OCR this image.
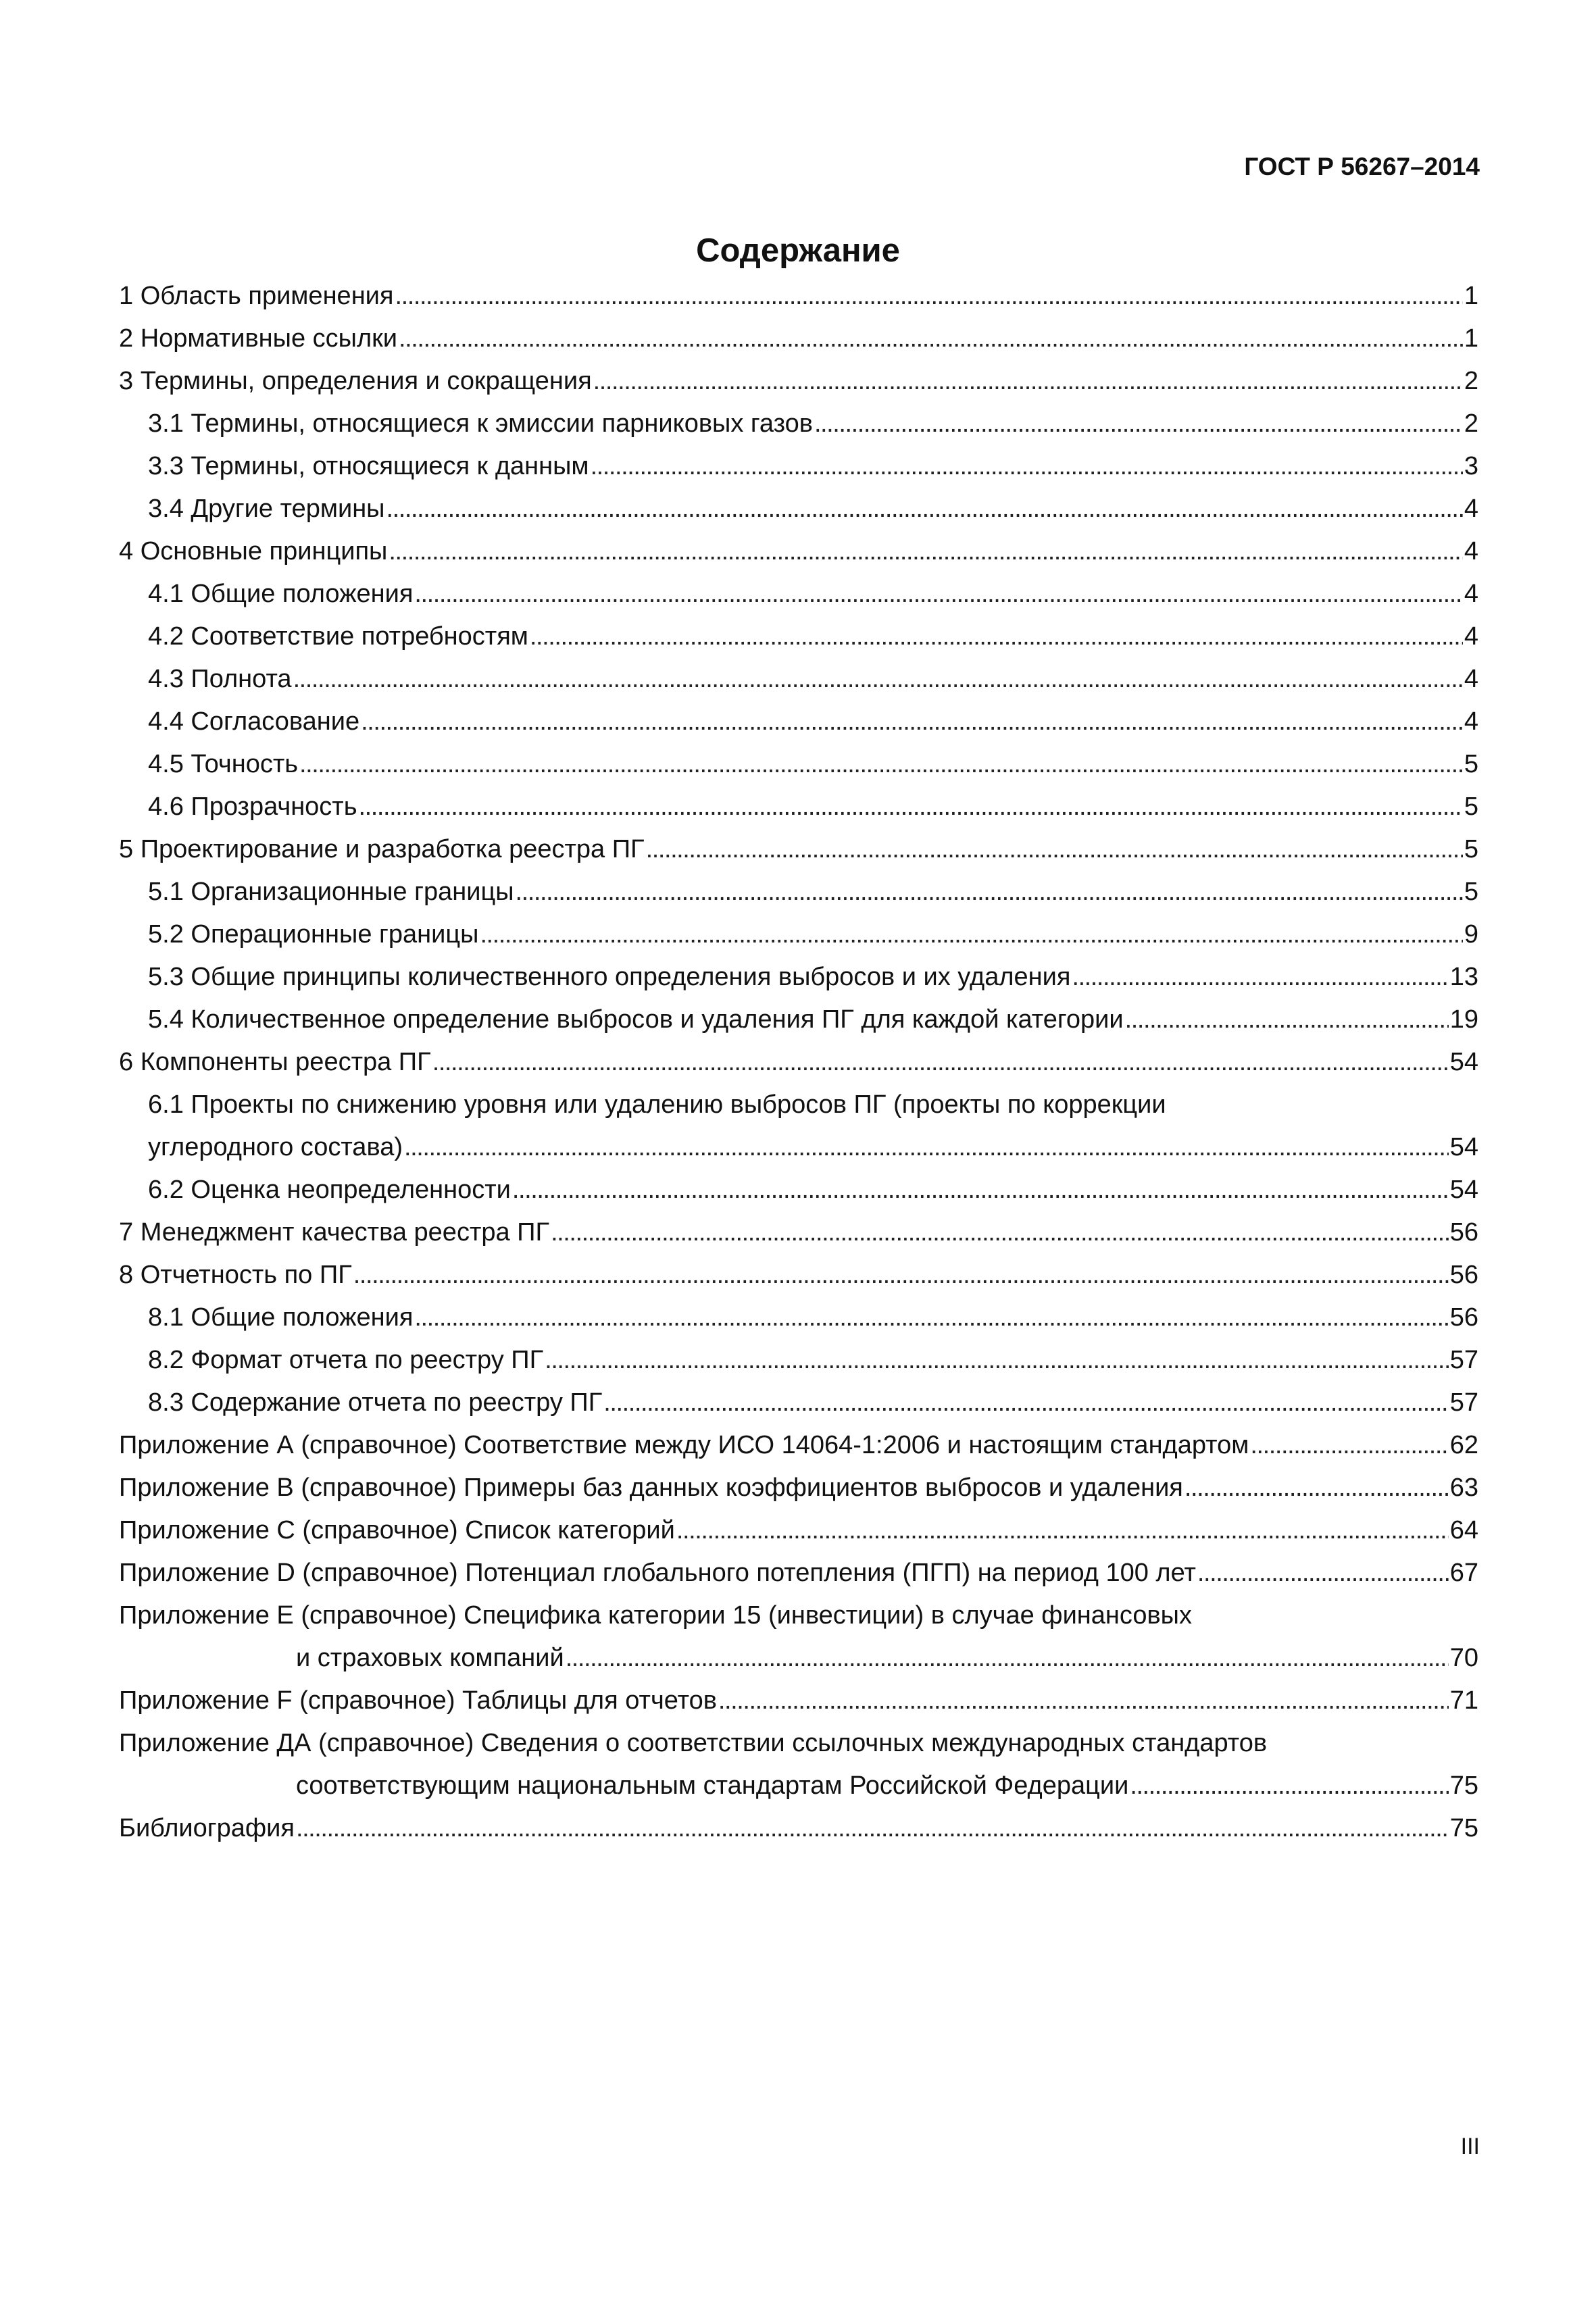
ГОСТ Р 56267–2014
Содержание
1 Область применения . . .	1
2 Нормативные ссылки . . .	1
3 Термины, определения и сокращения . . .	2
3.1 Термины, относящиеся к эмиссии парниковых газов . . .	2
3.3 Термины, относящиеся к данным . . .	3
3.4 Другие термины . . .	4
4 Основные принципы . . .	4
4.1 Общие положения . . .	4
4.2 Соответствие потребностям . . .	4
4.3 Полнота . . .	4
4.4 Согласование . . .	4
4.5 Точность . . .	5
4.6 Прозрачность . . .	5
5 Проектирование и разработка реестра ПГ . . .	5
5.1 Организационные границы . . .	5
5.2 Операционные границы . . .	9
5.3 Общие принципы количественного определения выбросов и их удаления . . .	13
5.4 Количественное определение выбросов и удаления ПГ для каждой категории . . .	19
6 Компоненты реестра ПГ . . .	54
6.1 Проекты по снижению уровня или удалению выбросов ПГ (проекты по коррекции
углеродного состава) . . .	54
6.2 Оценка неопределенности . . .	54
7 Менеджмент качества реестра ПГ . . .	56
8 Отчетность по ПГ . . .	56
8.1 Общие положения . . .	56
8.2 Формат отчета по реестру ПГ . . .	57
8.3 Содержание отчета по реестру ПГ . . .	57
Приложение А (справочное) Соответствие между ИСО 14064-1:2006 и настоящим стандартом . . .	62
Приложение В (справочное) Примеры баз данных коэффициентов выбросов и удаления . . .	63
Приложение С (справочное) Список категорий . . .	64
Приложение D (справочное) Потенциал глобального потепления (ПГП) на период 100 лет . . .	67
Приложение Е (справочное) Специфика категории 15 (инвестиции) в случае финансовых
и страховых компаний . . .	70
Приложение F (справочное) Таблицы для отчетов . . .	71
Приложение ДА (справочное) Сведения о соответствии ссылочных международных стандартов
соответствующим национальным стандартам Российской Федерации . . .	75
Библиография . . .	75
III
